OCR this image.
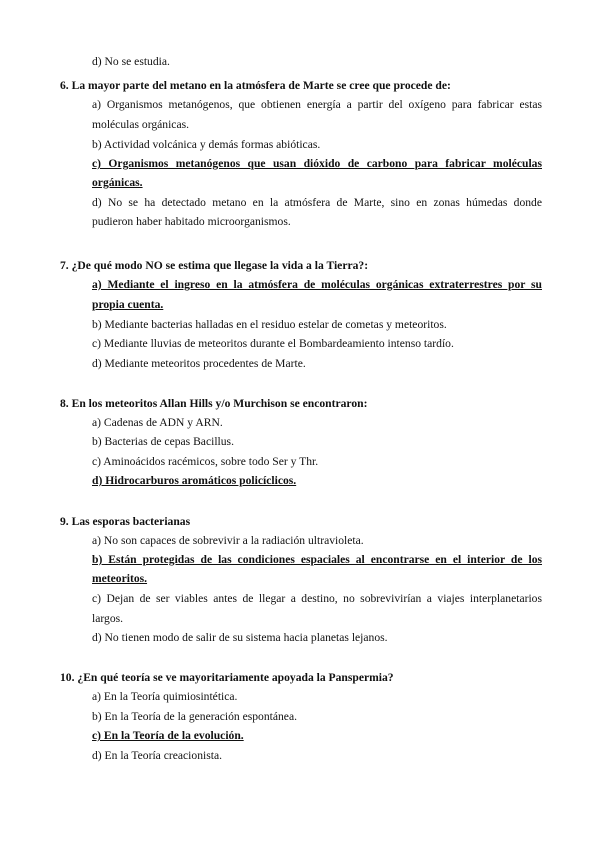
d) No se estudia.
6. La mayor parte del metano en la atmósfera de Marte se cree que procede de:
a) Organismos metanógenos, que obtienen energía a partir del oxígeno para fabricar estas
moléculas orgánicas.
b) Actividad volcánica y demás formas abióticas.
c) Organismos metanógenos que usan dióxido de carbono para fabricar moléculas
orgánicas.
d) No se ha detectado metano en la atmósfera de Marte, sino en zonas húmedas donde
pudieron haber habitado microorganismos.
7. ¿De qué modo NO se estima que llegase la vida a la Tierra?:
a) Mediante el ingreso en la atmósfera de moléculas orgánicas extraterrestres por su
propia cuenta.
b) Mediante bacterias halladas en el residuo estelar de cometas y meteoritos.
c) Mediante lluvias de meteoritos durante el Bombardeamiento intenso tardío.
d) Mediante meteoritos procedentes de Marte.
8. En los meteoritos Allan Hills y/o Murchison se encontraron:
a) Cadenas de ADN y ARN.
b) Bacterias de cepas Bacillus.
c) Aminoácidos racémicos, sobre todo Ser y Thr.
d) Hidrocarburos aromáticos policíclicos.
9. Las esporas bacterianas
a) No son capaces de sobrevivir a la radiación ultravioleta.
b) Están protegidas de las condiciones espaciales al encontrarse en el interior de los
meteoritos.
c) Dejan de ser viables antes de llegar a destino, no sobrevivirían a viajes interplanetarios
largos.
d) No tienen modo de salir de su sistema hacia planetas lejanos.
10. ¿En qué teoría se ve mayoritariamente apoyada la Panspermia?
a) En la Teoría quimiosintética.
b) En la Teoría de la generación espontánea.
c) En la Teoría de la evolución.
d) En la Teoría creacionista.
